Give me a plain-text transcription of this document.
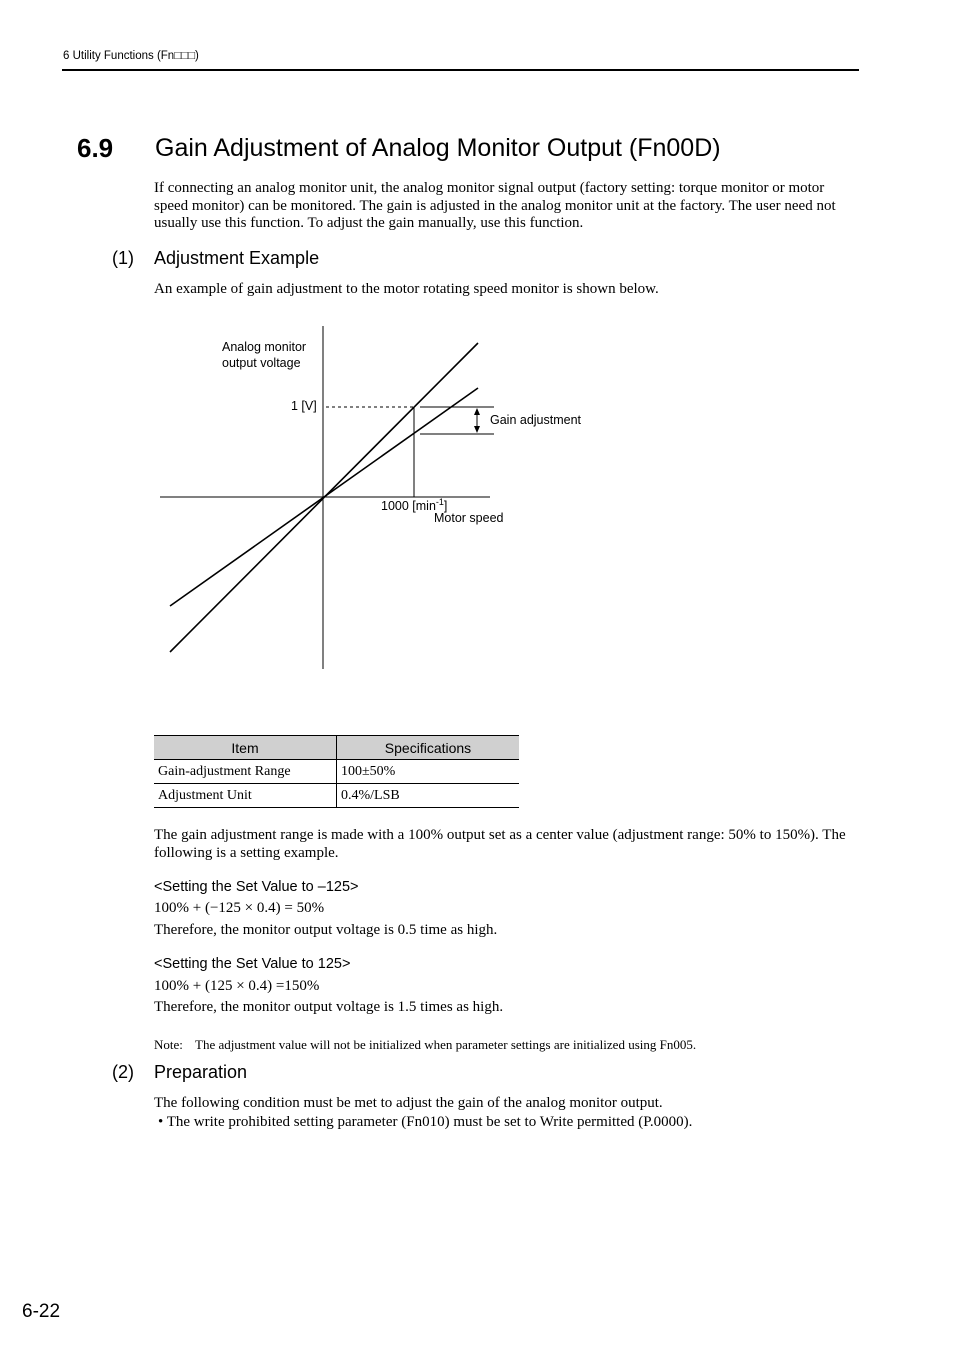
6 Utility Functions (Fn□□□)
6.9 Gain Adjustment of Analog Monitor Output (Fn00D)
If connecting an analog monitor unit, the analog monitor signal output (factory setting: torque monitor or motor speed monitor) can be monitored. The gain is adjusted in the analog monitor unit at the factory. The user need not usually use this function. To adjust the gain manually, use this function.
(1) Adjustment Example
An example of gain adjustment to the motor rotating speed monitor is shown below.
Analog monitor
output voltage
1 [V]
Gain adjustment
1000 $[\min^{-1}]$
Motor speed
Item	Specifications
Gain-adjustment Range	100±50%
Adjustment Unit	0.4%/LSB
The gain adjustment range is made with a 100% output set as a center value (adjustment range: 50% to 150%). The following is a setting example.
<Setting the Set Value to –125>
100% + (−125 × 0.4) = 50%
Therefore, the monitor output voltage is 0.5 time as high.
<Setting the Set Value to 125>
100% + (125 × 0.4) =150%
Therefore, the monitor output voltage is 1.5 times as high.
Note: The adjustment value will not be initialized when parameter settings are initialized using Fn005.
(2) Preparation
The following condition must be met to adjust the gain of the analog monitor output.
• The write prohibited setting parameter (Fn010) must be set to Write permitted (P.0000).
6-22
